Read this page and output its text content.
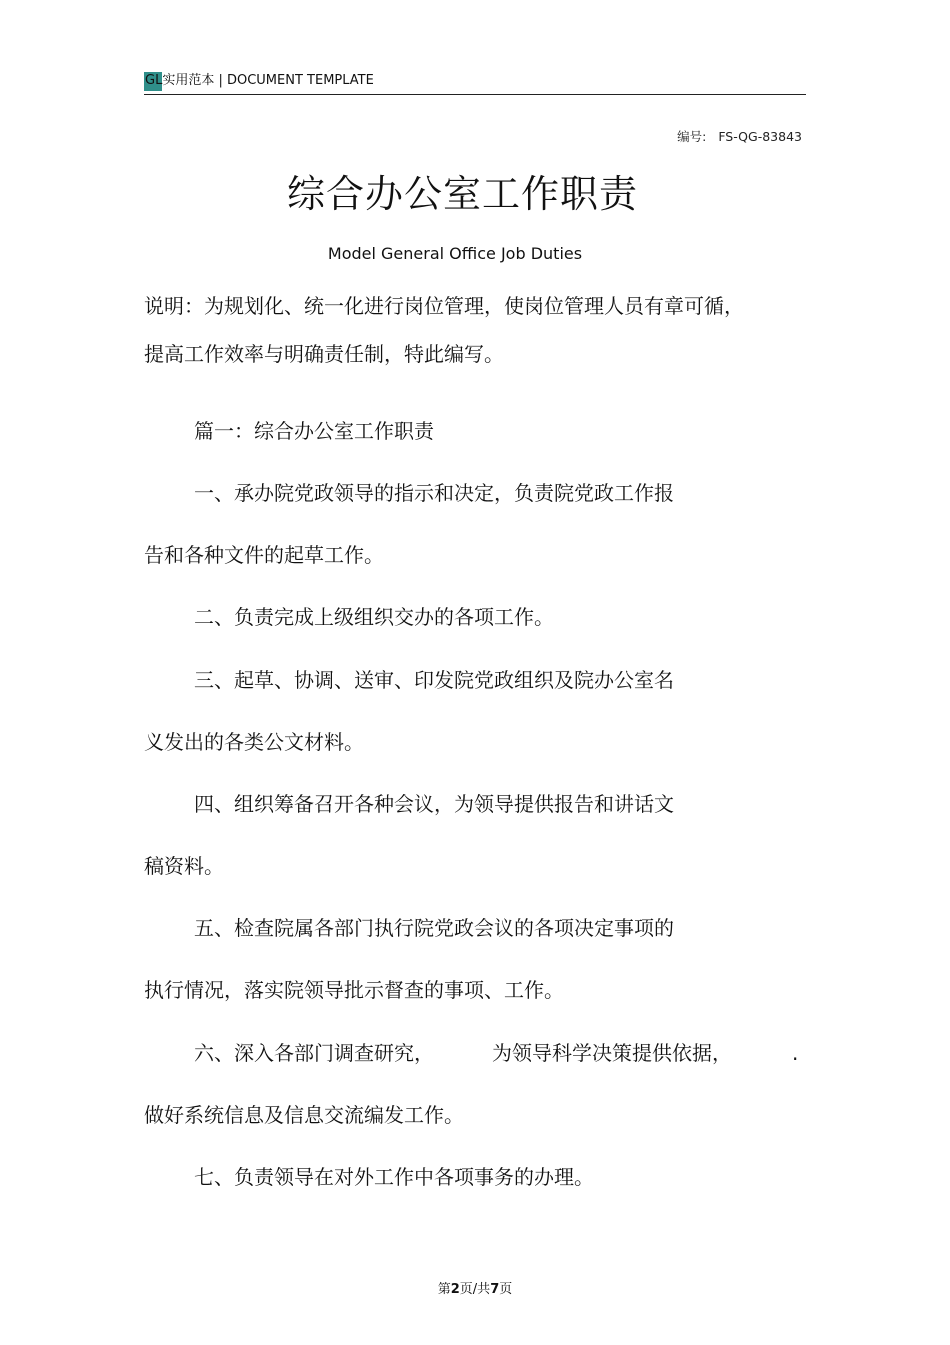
GL实用范本 | DOCUMENT TEMPLATE
编号: FS-QG-83843
综合办公室工作职责
Model General Office Job Duties
说明：为规划化、统一化进行岗位管理，使岗位管理人员有章可循，
提高工作效率与明确责任制，特此编写。
篇一：综合办公室工作职责
一、承办院党政领导的指示和决定，负责院党政工作报
告和各种文件的起草工作。
二、负责完成上级组织交办的各项工作。
三、起草、协调、送审、印发院党政组织及院办公室名
义发出的各类公文材料。
四、组织筹备召开各种会议，为领导提供报告和讲话文
稿资料。
五、检查院属各部门执行院党政会议的各项决定事项的
执行情况，落实院领导批示督查的事项、工作。
六、深入各部门调查研究，	为领导科学决策提供依据，	.
做好系统信息及信息交流编发工作。
七、负责领导在对外工作中各项事务的办理。
第2页/共7页
